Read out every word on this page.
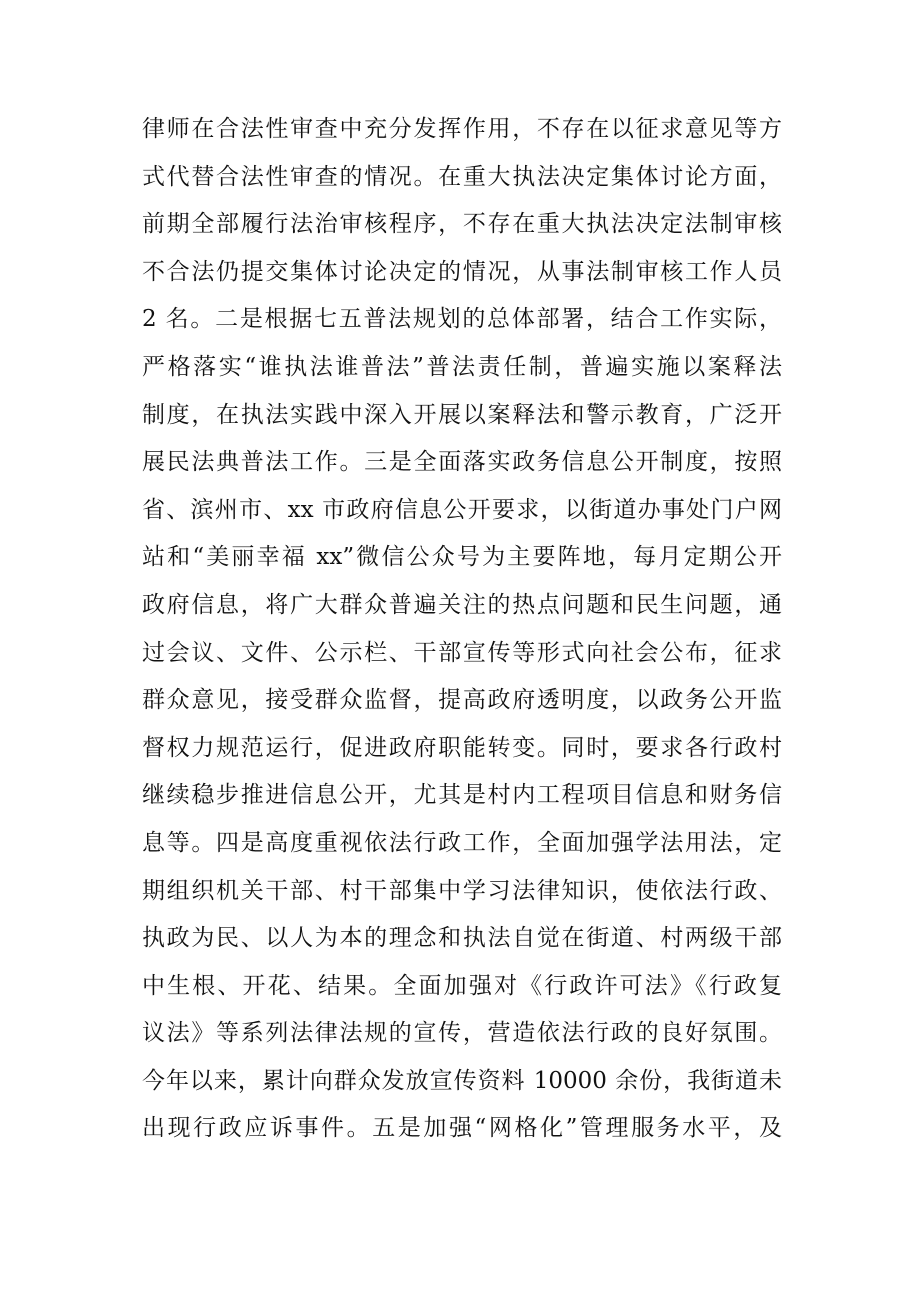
律师在合法性审查中充分发挥作用，不存在以征求意见等方
式代替合法性审查的情况。在重大执法决定集体讨论方面，
前期全部履行法治审核程序，不存在重大执法决定法制审核
不合法仍提交集体讨论决定的情况，从事法制审核工作人员
2 名。二是根据七五普法规划的总体部署，结合工作实际，
严格落实“谁执法谁普法”普法责任制，普遍实施以案释法
制度，在执法实践中深入开展以案释法和警示教育，广泛开
展民法典普法工作。三是全面落实政务信息公开制度，按照
省、滨州市、xx 市政府信息公开要求，以街道办事处门户网
站和“美丽幸福 xx”微信公众号为主要阵地，每月定期公开
政府信息，将广大群众普遍关注的热点问题和民生问题，通
过会议、文件、公示栏、干部宣传等形式向社会公布，征求
群众意见，接受群众监督，提高政府透明度，以政务公开监
督权力规范运行，促进政府职能转变。同时，要求各行政村
继续稳步推进信息公开，尤其是村内工程项目信息和财务信
息等。四是高度重视依法行政工作，全面加强学法用法，定
期组织机关干部、村干部集中学习法律知识，使依法行政、
执政为民、以人为本的理念和执法自觉在街道、村两级干部
中生根、开花、结果。全面加强对《行政许可法》《行政复
议法》等系列法律法规的宣传，营造依法行政的良好氛围。
今年以来，累计向群众发放宣传资料 10000 余份，我街道未
出现行政应诉事件。五是加强“网格化”管理服务水平，及
